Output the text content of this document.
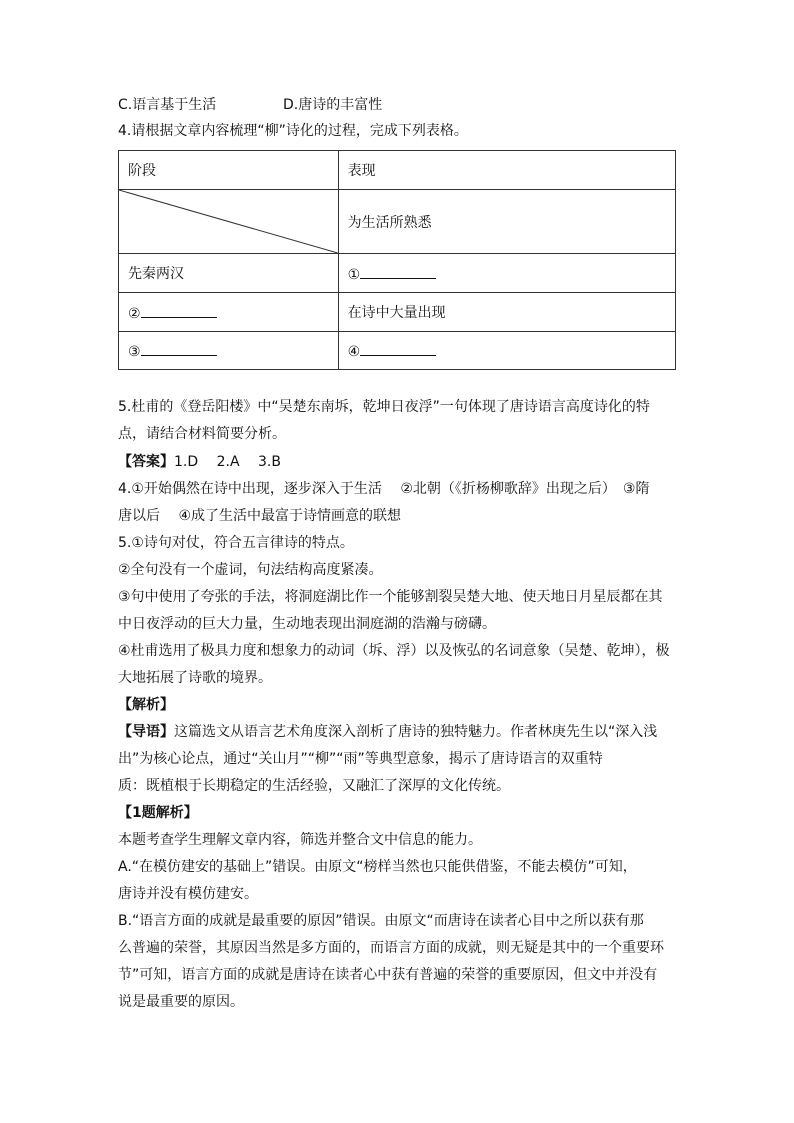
C.语言基于生活	D.唐诗的丰富性
4.请根据文章内容梳理“柳”诗化的过程，完成下列表格。
阶段	表现

	为生活所熟悉
先秦两汉	①
②	在诗中大量出现
③	④
5.杜甫的《登岳阳楼》中“吴楚东南坼，乾坤日夜浮”一句体现了唐诗语言高度诗化的特
点，请结合材料简要分析。
【答案】1.D　 2.A　 3.B
4.①开始偶然在诗中出现，逐步深入于生活　 ②北朝（《折杨柳歌辞》出现之后）　③隋
唐以后　 ④成了生活中最富于诗情画意的联想
5.①诗句对仗，符合五言律诗的特点。
②全句没有一个虚词，句法结构高度紧凑。
③句中使用了夸张的手法，将洞庭湖比作一个能够割裂吴楚大地、使天地日月星辰都在其
中日夜浮动的巨大力量，生动地表现出洞庭湖的浩瀚与磅礴。
④杜甫选用了极具力度和想象力的动词（坼、浮）以及恢弘的名词意象（吴楚、乾坤），极
大地拓展了诗歌的境界。
【解析】
【导语】这篇选文从语言艺术角度深入剖析了唐诗的独特魅力。作者林庚先生以“深入浅
出”为核心论点，通过“关山月”“柳”“雨”等典型意象，揭示了唐诗语言的双重特
质：既植根于长期稳定的生活经验，又融汇了深厚的文化传统。
【1题解析】
本题考查学生理解文章内容，筛选并整合文中信息的能力。
A.“在模仿建安的基础上”错误。由原文“榜样当然也只能供借鉴，不能去模仿”可知，
唐诗并没有模仿建安。
B.“语言方面的成就是最重要的原因”错误。由原文“而唐诗在读者心目中之所以获有那
么普遍的荣誉，其原因当然是多方面的，而语言方面的成就，则无疑是其中的一个重要环
节”可知，语言方面的成就是唐诗在读者心中获有普遍的荣誉的重要原因，但文中并没有
说是最重要的原因。
